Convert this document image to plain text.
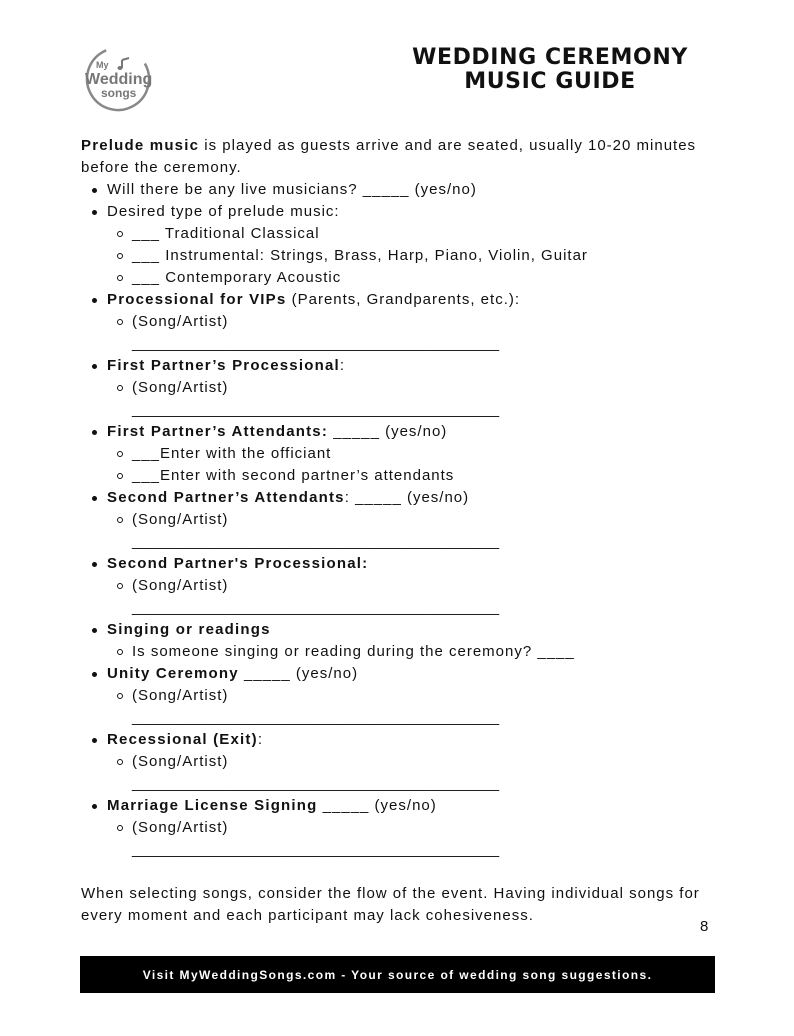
My
Wedding
songs
WEDDING CEREMONY
MUSIC GUIDE

Prelude music is played as guests arrive and are seated, usually 10-20 minutes before the ceremony.

Will there be any live musicians? _____ (yes/no)
Desired type of prelude music:
___ Traditional Classical
___ Instrumental: Strings, Brass, Harp, Piano, Violin, Guitar
___ Contemporary Acoustic
Processional for VIPs (Parents, Grandparents, etc.):
(Song/Artist)
____________________________________________
First Partner’s Processional:
(Song/Artist)
____________________________________________
First Partner’s Attendants: _____ (yes/no)
___Enter with the officiant
___Enter with second partner’s attendants
Second Partner’s Attendants: _____ (yes/no)
(Song/Artist)
____________________________________________
Second Partner's Processional:
(Song/Artist)
____________________________________________
Singing or readings
Is someone singing or reading during the ceremony? ____
Unity Ceremony _____ (yes/no)
(Song/Artist)
____________________________________________
Recessional (Exit):
(Song/Artist)
____________________________________________
Marriage License Signing _____ (yes/no)
(Song/Artist)
____________________________________________

When selecting songs, consider the flow of the event. Having individual songs for every moment and each participant may lack cohesiveness.

8
Visit MyWeddingSongs.com - Your source of wedding song suggestions.
